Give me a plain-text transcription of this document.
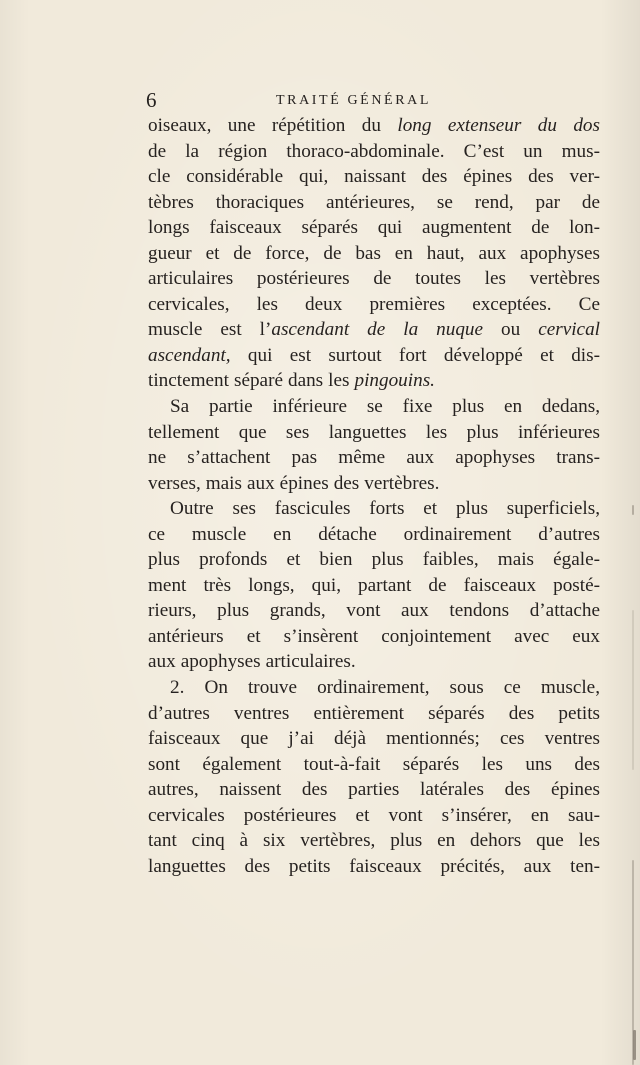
6	TRAITÉ GÉNÉRAL
oiseaux, une répétition du long extenseur du dos
de la région thoraco-abdominale. C’est un mus-
cle considérable qui, naissant des épines des ver-
tèbres thoraciques antérieures, se rend, par de
longs faisceaux séparés qui augmentent de lon-
gueur et de force, de bas en haut, aux apophyses
articulaires postérieures de toutes les vertèbres
cervicales, les deux premières exceptées. Ce
muscle est l’ascendant de la nuque ou cervical
ascendant, qui est surtout fort développé et dis-
tinctement séparé dans les pingouins.
Sa partie inférieure se fixe plus en dedans,
tellement que ses languettes les plus inférieures
ne s’attachent pas même aux apophyses trans-
verses, mais aux épines des vertèbres.
Outre ses fascicules forts et plus superficiels,
ce muscle en détache ordinairement d’autres
plus profonds et bien plus faibles, mais égale-
ment très longs, qui, partant de faisceaux posté-
rieurs, plus grands, vont aux tendons d’attache
antérieurs et s’insèrent conjointement avec eux
aux apophyses articulaires.
2. On trouve ordinairement, sous ce muscle,
d’autres ventres entièrement séparés des petits
faisceaux que j’ai déjà mentionnés; ces ventres
sont également tout-à-fait séparés les uns des
autres, naissent des parties latérales des épines
cervicales postérieures et vont s’insérer, en sau-
tant cinq à six vertèbres, plus en dehors que les
languettes des petits faisceaux précités, aux ten-
